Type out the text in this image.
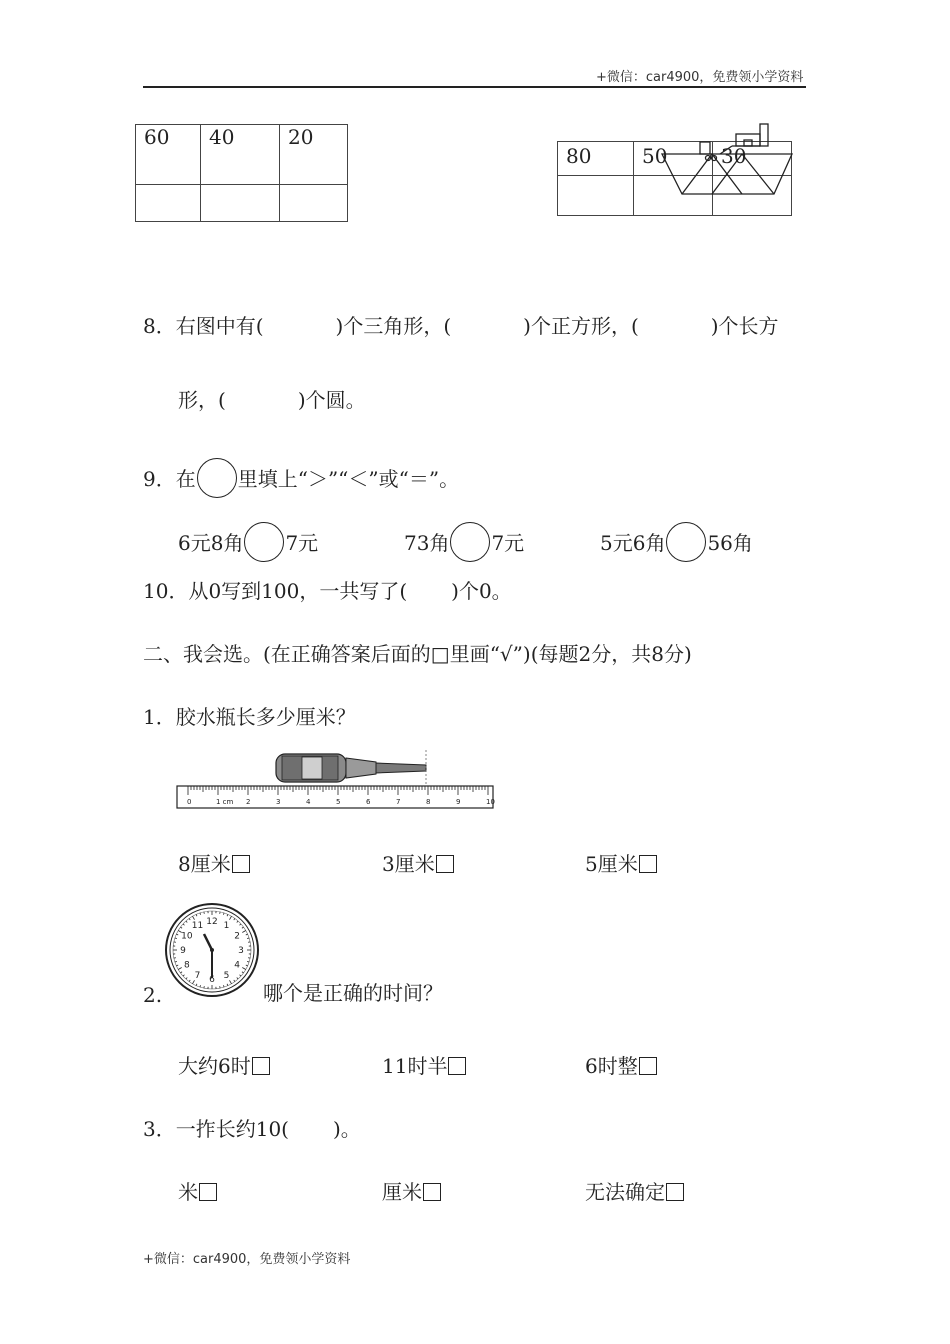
+微信：car4900，免费领小学资料
60	40	20

80	50	30

8．右图中有(	)个三角形，(	)个正方形，(	)个长方
形，(	)个圆。
9．在 里填上“＞”“＜”或“＝”。
6元8角 7元	73角 7元	5元6角 56角
10．从0写到100，一共写了( )个0。
二、我会选。(在正确答案后面的□里画“√”)(每题2分，共8分)
1．胶水瓶长多少厘米？
0	1 cm 2	3	4	5	6	7	8	9	10
8厘米	3厘米	5厘米
2.
12 1
2
3
4
5
6
7
8
9
10
11
哪个是正确的时间？
大约6时	11时半	6时整
3．一拃长约10( )。
米	厘米	无法确定
+微信：car4900，免费领小学资料
